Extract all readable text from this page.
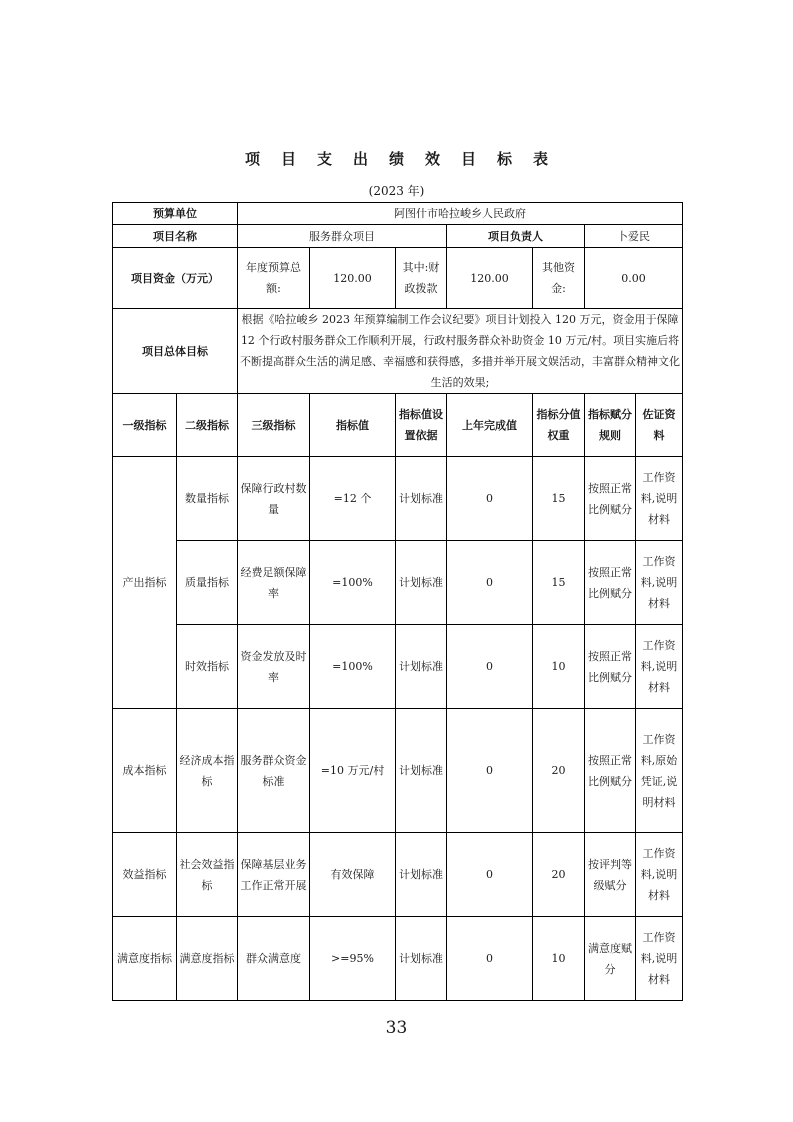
项目支出绩效目标表
(2023 年)
预算单位		阿图什市哈拉峻乡人民政府						
项目名称		服务群众项目			项目负责人		卜爱民	
项目资金（万元）		年度预算总额:	120.00	其中:财政拨款	120.00	其他资金:	0.00	
项目总体目标		根据《哈拉峻乡 2023 年预算编制工作会议纪要》项目计划投入 120 万元，资金用于保障 12 个行政村服务群众工作顺利开展，行政村服务群众补助资金 10 万元/村。项目实施后将不断提高群众生活的满足感、幸福感和获得感，多措并举开展文娱活动，丰富群众精神文化生活的效果;						
一级指标	二级指标	三级指标	指标值	指标值设置依据	上年完成值	指标分值权重	指标赋分规则	佐证资料
产出指标	数量指标	保障行政村数量	=12 个	计划标准	0	15	按照正常比例赋分	工作资料,说明材料
	质量指标	经费足额保障率	=100%	计划标准	0	15	按照正常比例赋分	工作资料,说明材料
	时效指标	资金发放及时率	=100%	计划标准	0	10	按照正常比例赋分	工作资料,说明材料
成本指标	经济成本指标	服务群众资金标准	=10 万元/村	计划标准	0	20	按照正常比例赋分	工作资料,原始凭证,说明材料
效益指标	社会效益指标	保障基层业务工作正常开展	有效保障	计划标准	0	20	按评判等级赋分	工作资料,说明材料
满意度指标	满意度指标	群众满意度	>=95%	计划标准	0	10	满意度赋分	工作资料,说明材料
33
